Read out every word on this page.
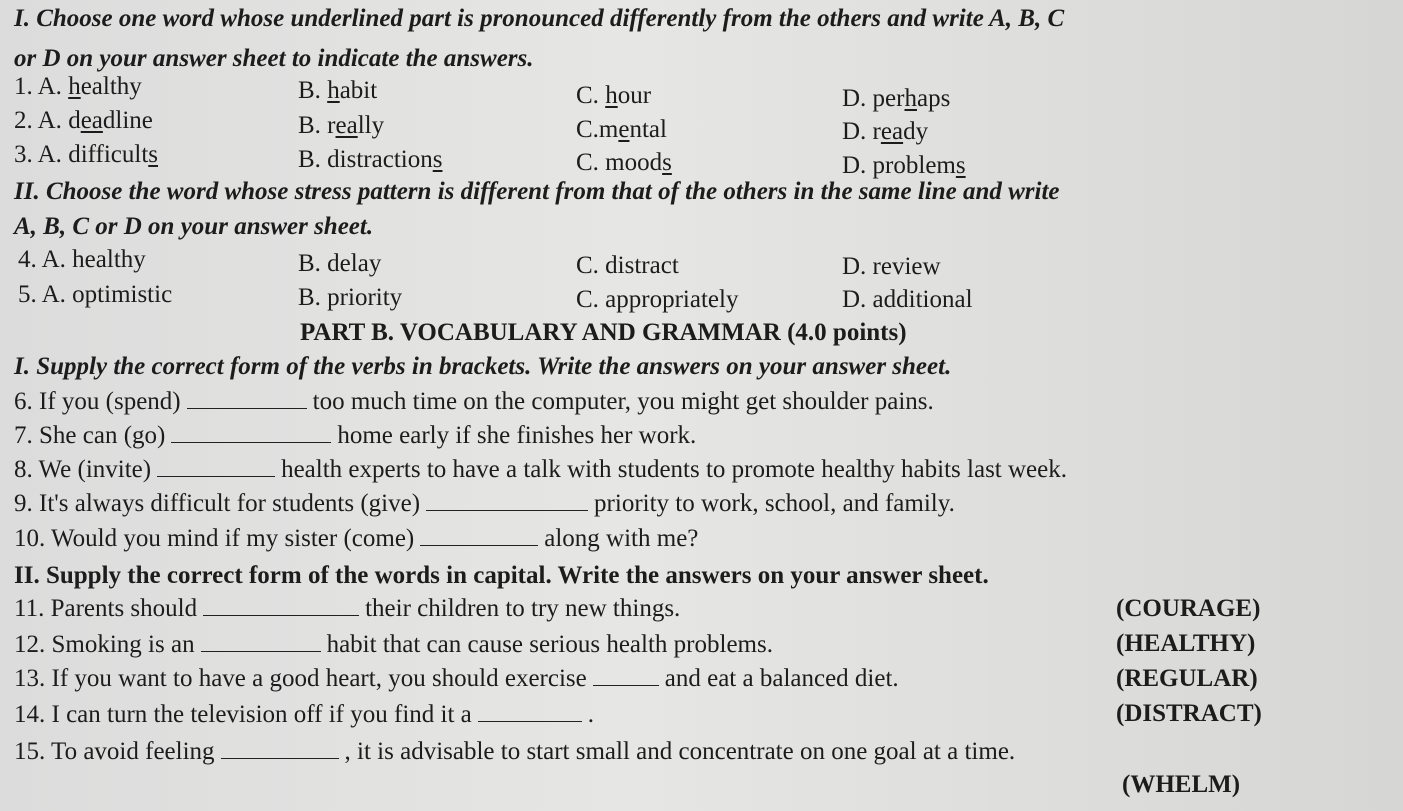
I. Choose one word whose underlined part is pronounced differently from the others and write A, B, C
or D on your answer sheet to indicate the answers.
1. A. healthy	B. habit	C. hour	D. perhaps
2. A. deadline	B. really	C.mental	D. ready
3. A. difficults	B. distractions	C. moods	D. problems
II. Choose the word whose stress pattern is different from that of the others in the same line and write
A, B, C or D on your answer sheet.
4. A. healthy	B. delay	C. distract	D. review
5. A. optimistic	B. priority	C. appropriately	D. additional
PART B. VOCABULARY AND GRAMMAR (4.0 points)
I. Supply the correct form of the verbs in brackets. Write the answers on your answer sheet.
6. If you (spend)	too much time on the computer, you might get shoulder pains.
7. She can (go)	home early if she finishes her work.
8. We (invite)	health experts to have a talk with students to promote healthy habits last week.
9. It's always difficult for students (give)	priority to work, school, and family.
10. Would you mind if my sister (come)	along with me?
II. Supply the correct form of the words in capital. Write the answers on your answer sheet.
11. Parents should	their children to try new things.	(COURAGE)
12. Smoking is an	habit that can cause serious health problems.	(HEALTHY)
13. If you want to have a good heart, you should exercise	and eat a balanced diet.	(REGULAR)
14. I can turn the television off if you find it a	.	(DISTRACT)
15. To avoid feeling	, it is advisable to start small and concentrate on one goal at a time.
(WHELM)
